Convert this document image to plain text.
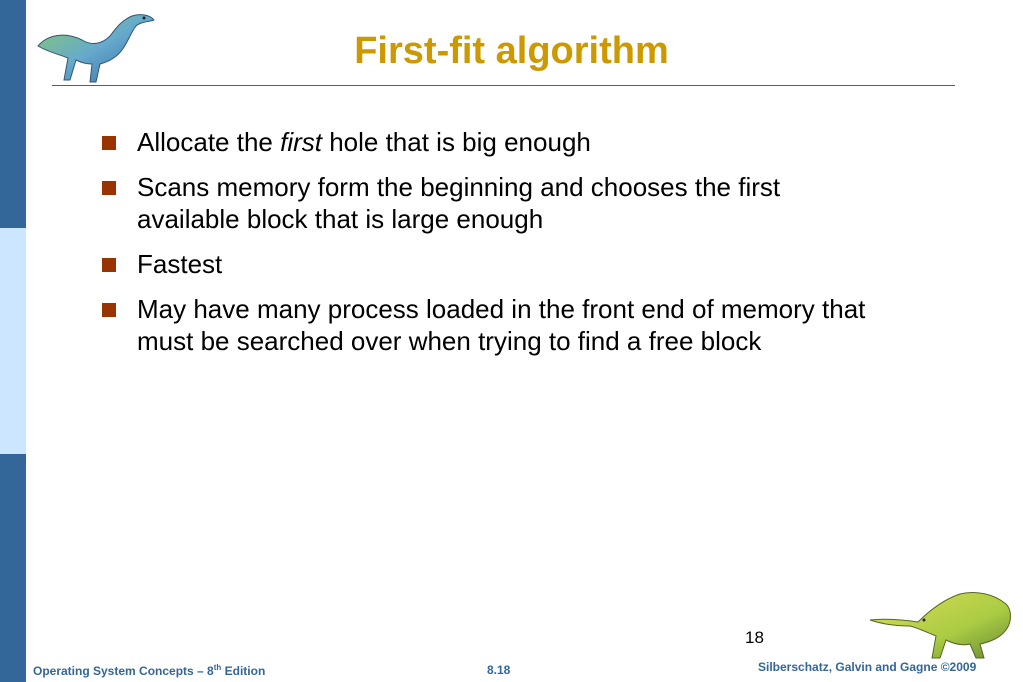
First-fit algorithm
Allocate the first hole that is big enough
Scans memory form the beginning and chooses the first
available block that is large enough
Fastest
May have many process loaded in the front end of memory that
must be searched over when trying to find a free block
18
Operating System Concepts – 8th Edition	8.18	Silberschatz, Galvin and Gagne ©2009
